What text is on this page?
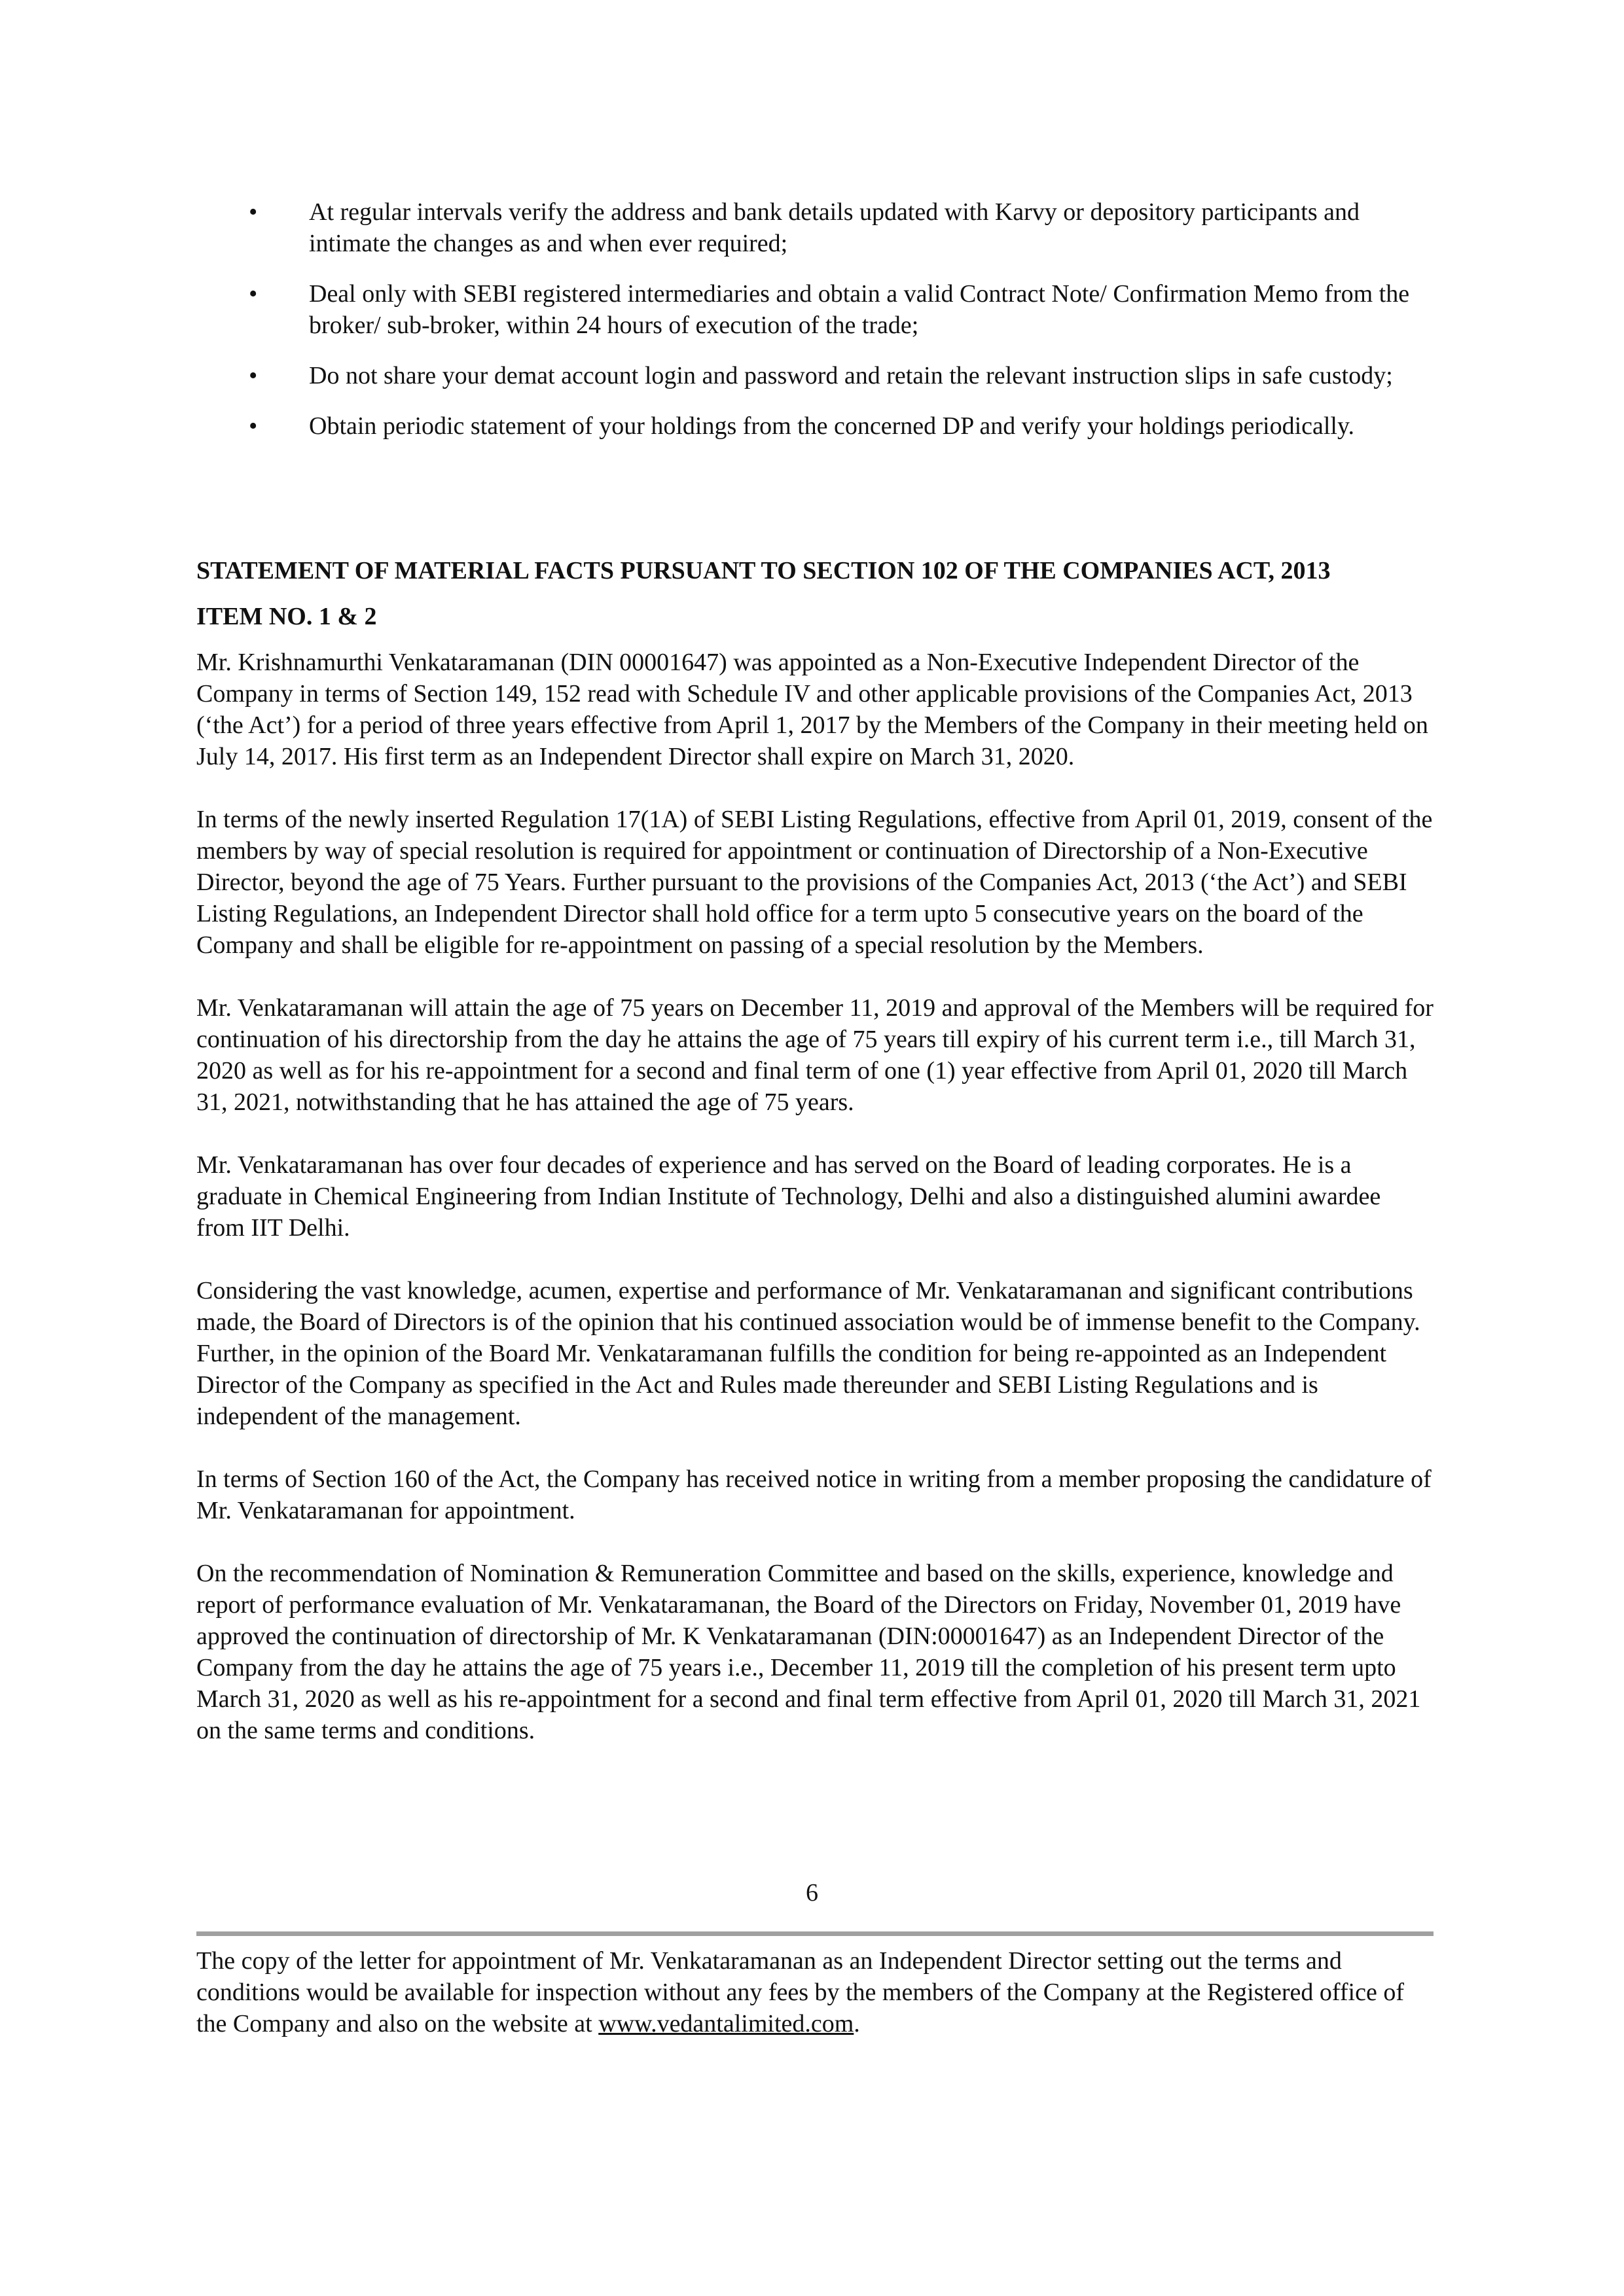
•	At regular intervals verify the address and bank details updated with Karvy or depository participants and intimate the changes as and when ever required;
•	Deal only with SEBI registered intermediaries and obtain a valid Contract Note/ Confirmation Memo from the broker/ sub-broker, within 24 hours of execution of the trade;
•	Do not share your demat account login and password and retain the relevant instruction slips in safe custody;
•	Obtain periodic statement of your holdings from the concerned DP and verify your holdings periodically.

STATEMENT OF MATERIAL FACTS PURSUANT TO SECTION 102 OF THE COMPANIES ACT, 2013

ITEM NO. 1 & 2

Mr. Krishnamurthi Venkataramanan (DIN 00001647) was appointed as a Non-Executive Independent Director of the Company in terms of Section 149, 152 read with Schedule IV and other applicable provisions of the Companies Act, 2013 (‘the Act’) for a period of three years effective from April 1, 2017 by the Members of the Company in their meeting held on July 14, 2017. His first term as an Independent Director shall expire on March 31, 2020.

In terms of the newly inserted Regulation 17(1A) of SEBI Listing Regulations, effective from April 01, 2019, consent of the members by way of special resolution is required for appointment or continuation of Directorship of a Non-Executive Director, beyond the age of 75 Years. Further pursuant to the provisions of the Companies Act, 2013 (‘the Act’) and SEBI Listing Regulations, an Independent Director shall hold office for a term upto 5 consecutive years on the board of the Company and shall be eligible for re-appointment on passing of a special resolution by the Members.

Mr. Venkataramanan will attain the age of 75 years on December 11, 2019 and approval of the Members will be required for continuation of his directorship from the day he attains the age of 75 years till expiry of his current term i.e., till March 31, 2020 as well as for his re-appointment for a second and final term of one (1) year effective from April 01, 2020 till March 31, 2021, notwithstanding that he has attained the age of 75 years.

Mr. Venkataramanan has over four decades of experience and has served on the Board of leading corporates. He is a graduate in Chemical Engineering from Indian Institute of Technology, Delhi and also a distinguished alumini awardee from IIT Delhi.

Considering the vast knowledge, acumen, expertise and performance of Mr. Venkataramanan and significant contributions made, the Board of Directors is of the opinion that his continued association would be of immense benefit to the Company. Further, in the opinion of the Board Mr. Venkataramanan fulfills the condition for being re-appointed as an Independent Director of the Company as specified in the Act and Rules made thereunder and SEBI Listing Regulations and is independent of the management.

In terms of Section 160 of the Act, the Company has received notice in writing from a member proposing the candidature of Mr. Venkataramanan for appointment.

On the recommendation of Nomination & Remuneration Committee and based on the skills, experience, knowledge and report of performance evaluation of Mr. Venkataramanan, the Board of the Directors on Friday, November 01, 2019 have approved the continuation of directorship of Mr. K Venkataramanan (DIN:00001647) as an Independent Director of the Company from the day he attains the age of 75 years i.e., December 11, 2019 till the completion of his present term upto March 31, 2020 as well as his re-appointment for a second and final term effective from April 01, 2020 till March 31, 2021 on the same terms and conditions.

6
The copy of the letter for appointment of Mr. Venkataramanan as an Independent Director setting out the terms and conditions would be available for inspection without any fees by the members of the Company at the Registered office of the Company and also on the website at www.vedantalimited.com.
